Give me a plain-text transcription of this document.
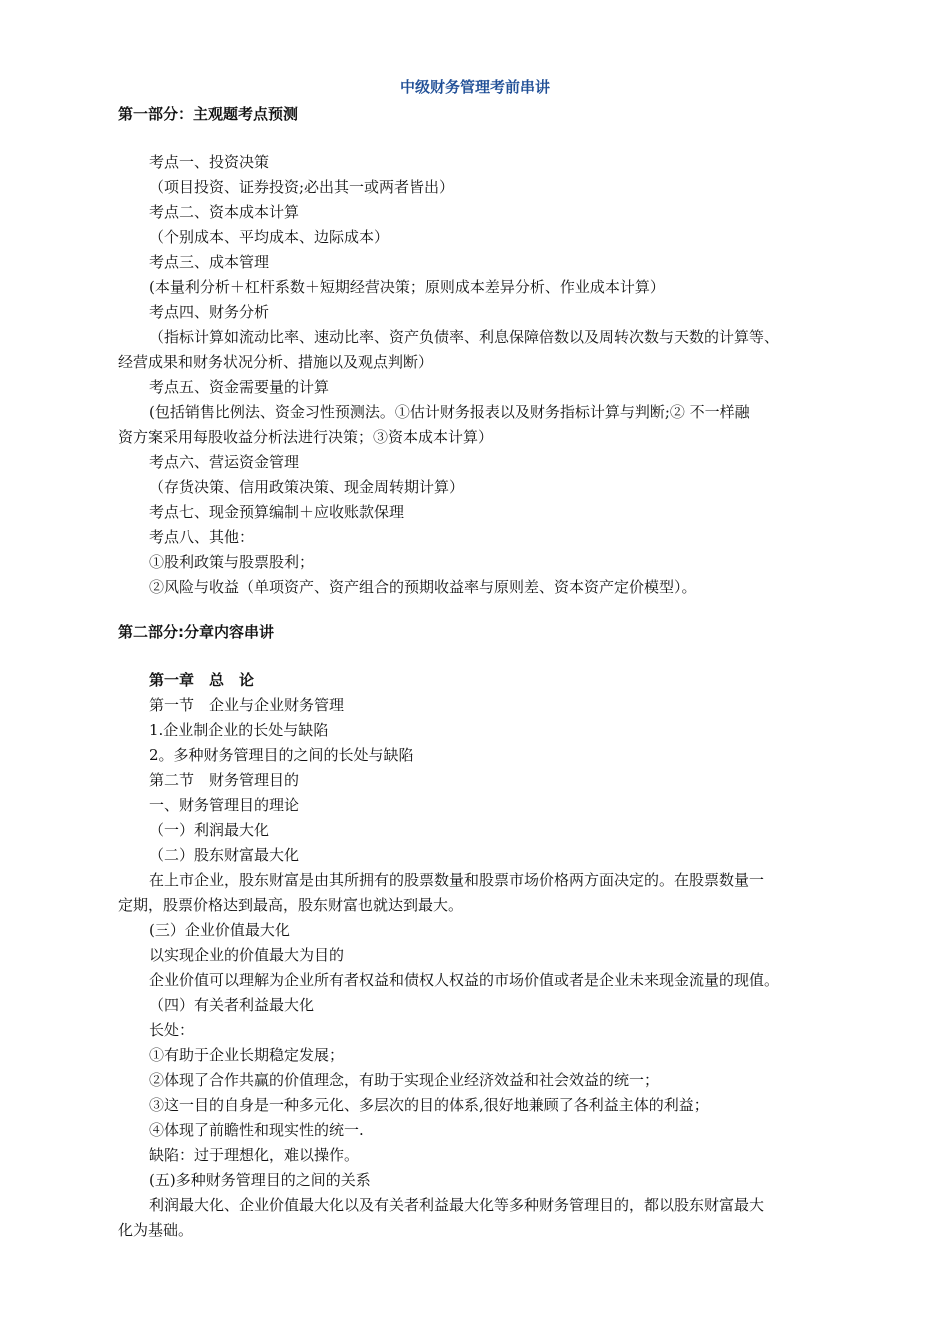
中级财务管理考前串讲
第一部分：主观题考点预测
考点一、投资决策
（项目投资、证券投资;必出其一或两者皆出）
考点二、资本成本计算
（个别成本、平均成本、边际成本）
考点三、成本管理
(本量利分析＋杠杆系数＋短期经营决策；原则成本差异分析、作业成本计算）
考点四、财务分析
（指标计算如流动比率、速动比率、资产负债率、利息保障倍数以及周转次数与天数的计算等、
经营成果和财务状况分析、措施以及观点判断）
考点五、资金需要量的计算
(包括销售比例法、资金习性预测法。①估计财务报表以及财务指标计算与判断;② 不一样融
资方案采用每股收益分析法进行决策；③资本成本计算）
考点六、营运资金管理
（存货决策、信用政策决策、现金周转期计算）
考点七、现金预算编制＋应收账款保理
考点八、其他：
①股利政策与股票股利；
②风险与收益（单项资产、资产组合的预期收益率与原则差、资本资产定价模型）。
第二部分:分章内容串讲
第一章　总　论
第一节　企业与企业财务管理
1.企业制企业的长处与缺陷
2。多种财务管理目的之间的长处与缺陷
第二节　财务管理目的
一、财务管理目的理论
（一）利润最大化
（二）股东财富最大化
在上市企业，股东财富是由其所拥有的股票数量和股票市场价格两方面决定的。在股票数量一
定期，股票价格达到最高，股东财富也就达到最大。
(三）企业价值最大化
以实现企业的价值最大为目的
企业价值可以理解为企业所有者权益和债权人权益的市场价值或者是企业未来现金流量的现值。
（四）有关者利益最大化
长处：
①有助于企业长期稳定发展；
②体现了合作共赢的价值理念，有助于实现企业经济效益和社会效益的统一；
③这一目的自身是一种多元化、多层次的目的体系,很好地兼顾了各利益主体的利益；
④体现了前瞻性和现实性的统一.
缺陷：过于理想化，难以操作。
(五)多种财务管理目的之间的关系
利润最大化、企业价值最大化以及有关者利益最大化等多种财务管理目的，都以股东财富最大
化为基础。
